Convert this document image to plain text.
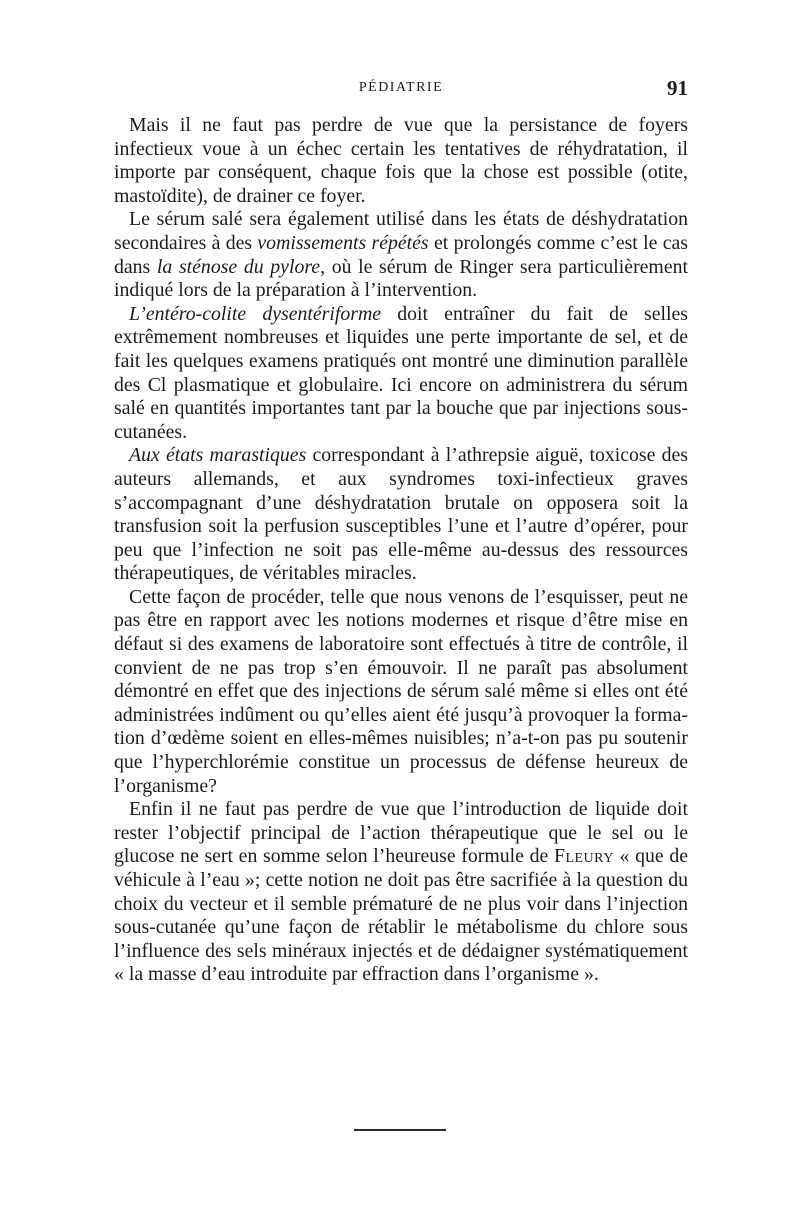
PÉDIATRIE	91

Mais il ne faut pas perdre de vue que la persistance de foyers infectieux voue à un échec certain les tentatives de réhydratation, il importe par conséquent, chaque fois que la chose est possible (otite, mastoïdite), de drainer ce foyer.

Le sérum salé sera également utilisé dans les états de déshydratation secondaires à des vomissements répétés et prolongés comme c’est le cas dans la sténose du pylore, où le sérum de Ringer sera particulièrement indiqué lors de la préparation à l’intervention.

L’entéro-colite dysentériforme doit entraîner du fait de selles extrêmement nombreuses et liquides une perte importante de sel, et de fait les quelques examens pratiqués ont montré une diminution parallèle des Cl plasmatique et globulaire. Ici encore on administrera du sérum salé en quantités importantes tant par la bouche que par injections sous-cutanées.

Aux états marastiques correspondant à l’athrepsie aiguë, toxicose des auteurs allemands, et aux syndromes toxi-infectieux graves s’accompagnant d’une déshydratation brutale on opposera soit la transfusion soit la perfusion susceptibles l’une et l’autre d’opérer, pour peu que l’infection ne soit pas elle-même au-dessus des ressources thérapeutiques, de véritables miracles.

Cette façon de procéder, telle que nous venons de l’esquisser, peut ne pas être en rapport avec les notions modernes et risque d’être mise en défaut si des examens de laboratoire sont effectués à titre de contrôle, il convient de ne pas trop s’en émouvoir. Il ne paraît pas absolument démontré en effet que des injections de sérum salé même si elles ont été administrées indûment ou qu’elles aient été jusqu’à provoquer la formation d’œdème soient en elles-mêmes nuisibles; n’a-t-on pas pu soutenir que l’hyperchlorémie constitue un processus de défense heureux de l’organisme?

Enfin il ne faut pas perdre de vue que l’introduction de liquide doit rester l’objectif principal de l’action thérapeutique que le sel ou le glucose ne sert en somme selon l’heureuse formule de Fleury « que de véhicule à l’eau »; cette notion ne doit pas être sacrifiée à la question du choix du vecteur et il semble prématuré de ne plus voir dans l’injection sous-cutanée qu’une façon de rétablir le métabolisme du chlore sous l’influence des sels minéraux injectés et de dédaigner systématiquement « la masse d’eau introduite par effraction dans l’organisme ».
